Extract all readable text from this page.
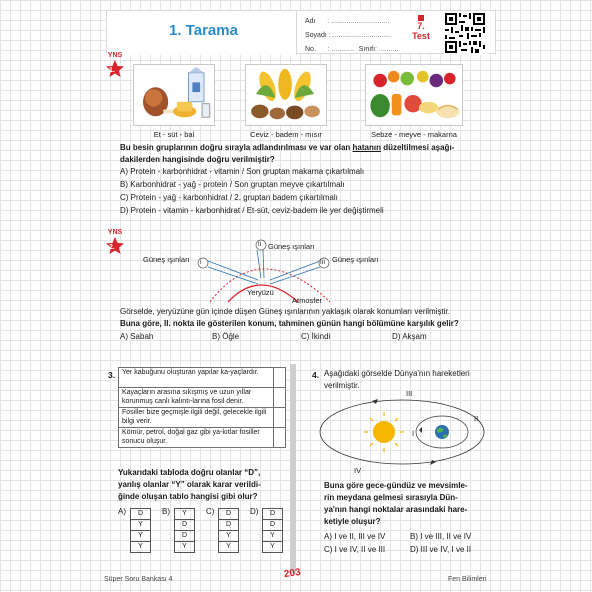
1. Tarama
Adı : ..............................
Soyadı : ..............................
No. : ............ Sınıfı: ..........
7.
Test
YNS
1.
Et - süt - bal	Ceviz - badem - mısır	Sebze - meyve - makarna
Bu besin gruplarının doğru sırayla adlandırılması ve var olan hatanın düzeltilmesi aşağı-
dakilerden hangisinde doğru verilmiştir?
A) Protein - karbonhidrat - vitamin / Son gruptan makarna çıkartılmalı
B) Karbonhidrat - yağ - protein / Son gruptan meyve çıkartılmalı
C) Protein - yağ - karbonhidrat / 2. gruptan badem çıkartılmalı
D) Protein - vitamin - karbonhidrat / Et-süt, ceviz-badem ile yer değiştirmeli
YNS
2.
I
II
III
Güneş ışınları
Güneş ışınları	Güneş ışınları
Yeryüzü
Atmosfer
Görselde, yeryüzüne gün içinde düşen Güneş ışınlarının yaklaşık olarak konumları verilmiştir.
Buna göre, II. nokta ile gösterilen konum, tahminen günün hangi bölümüne karşılık gelir?
A) Sabah	B) Öğle	C) İkindi	D) Akşam
3. Yer kabuğunu oluşturan yapılar ka-yaçlardır.	
Kayaçların arasına sıkışmış ve uzun yıllar korunmuş canlı kalıntı-larına fosil denir.	
Fosiller bize geçmişle ilgili değil, gelecekle ilgili bilgi verir.	
Kömür, petrol, doğal gaz gibi ya-kıtlar fosiller sonucu oluşur.	
Yukarıdaki tabloda doğru olanlar “D”,
yanlış olanlar “Y” olarak karar verildi-
ğinde oluşan tablo hangisi gibi olur?
A) D
Y
Y
Y
B) Y
D
D
Y
C) D
D
Y
Y
D) D
D
Y
Y
4. Aşağıdaki görselde Dünya'nın hareketleri
verilmiştir.
III
II
I
IV
Buna göre gece-gündüz ve mevsimle-
rin meydana gelmesi sırasıyla Dün-
ya'nın hangi noktalar arasındaki hare-
ketiyle oluşur?
A) I ve II, III ve IV	B) I ve III, II ve IV
C) I ve IV, II ve III	D) III ve IV, I ve II
Süper Soru Bankası 4	203	Fen Bilimleri
